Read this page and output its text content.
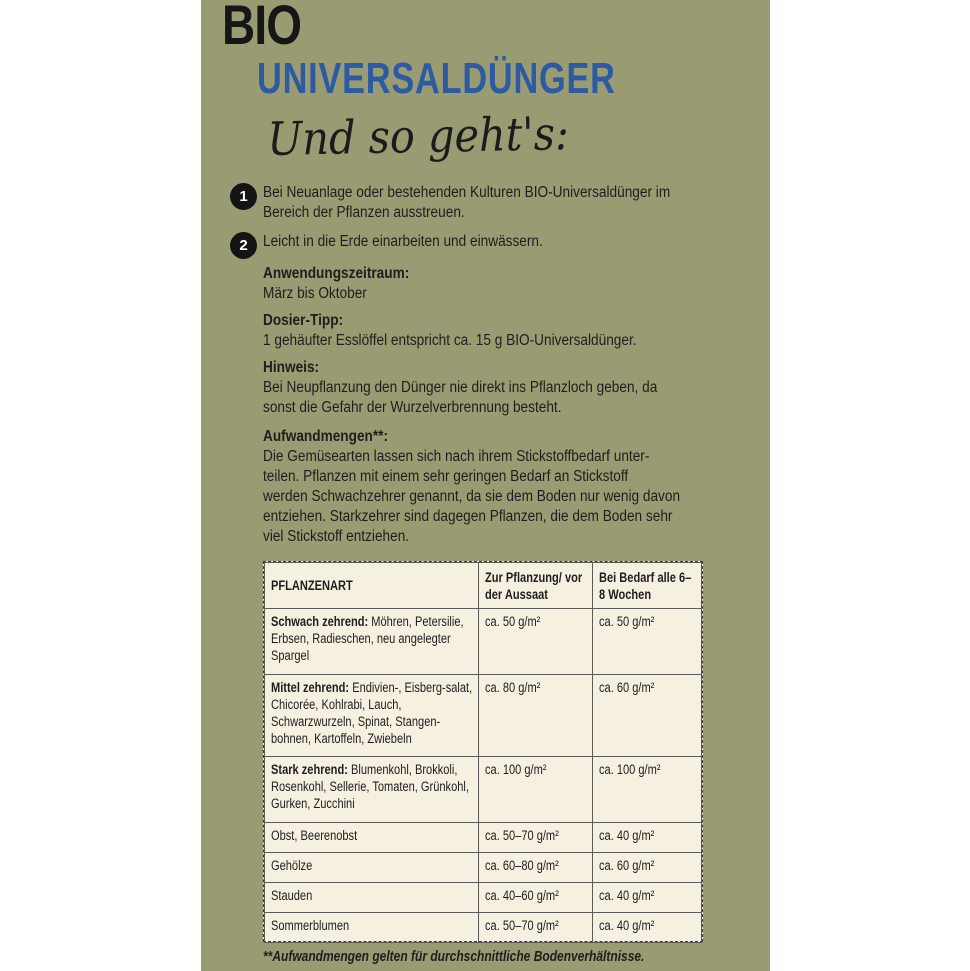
BIO
UNIVERSALDÜNGER
Und so geht's:
1 Bei Neuanlage oder bestehenden Kulturen BIO-Universaldünger im
Bereich der Pflanzen ausstreuen.
2 Leicht in die Erde einarbeiten und einwässern.
Anwendungszeitraum:
März bis Oktober
Dosier-Tipp:
1 gehäufter Esslöffel entspricht ca. 15 g BIO-Universaldünger.
Hinweis:
Bei Neupflanzung den Dünger nie direkt ins Pflanzloch geben, da
sonst die Gefahr der Wurzelverbrennung besteht.
Aufwandmengen**:
Die Gemüsearten lassen sich nach ihrem Stickstoffbedarf unter-
teilen. Pflanzen mit einem sehr geringen Bedarf an Stickstoff
werden Schwachzehrer genannt, da sie dem Boden nur wenig davon
entziehen. Starkzehrer sind dagegen Pflanzen, die dem Boden sehr
viel Stickstoff entziehen.
PFLANZENART	Zur Pflanzung/ vor der Aussaat	Bei Bedarf alle 6–8 Wochen

Schwach zehrend: Möhren, Petersilie, Erbsen, Radieschen, neu angelegter Spargel	ca. 50 g/m²	ca. 50 g/m²

Mittel zehrend: Endivien-, Eisberg-salat, Chicorée, Kohlrabi, Lauch, Schwarzwurzeln, Spinat, Stangen-bohnen, Kartoffeln, Zwiebeln	ca. 80 g/m²	ca. 60 g/m²

Stark zehrend: Blumenkohl, Brokkoli, Rosenkohl, Sellerie, Tomaten, Grünkohl, Gurken, Zucchini	ca. 100 g/m²	ca. 100 g/m²

Obst, Beerenobst	ca. 50–70 g/m²	ca. 40 g/m²

Gehölze	ca. 60–80 g/m²	ca. 60 g/m²

Stauden	ca. 40–60 g/m²	ca. 40 g/m²

Sommerblumen	ca. 50–70 g/m²	ca. 40 g/m²
**Aufwandmengen gelten für durchschnittliche Bodenverhältnisse.
